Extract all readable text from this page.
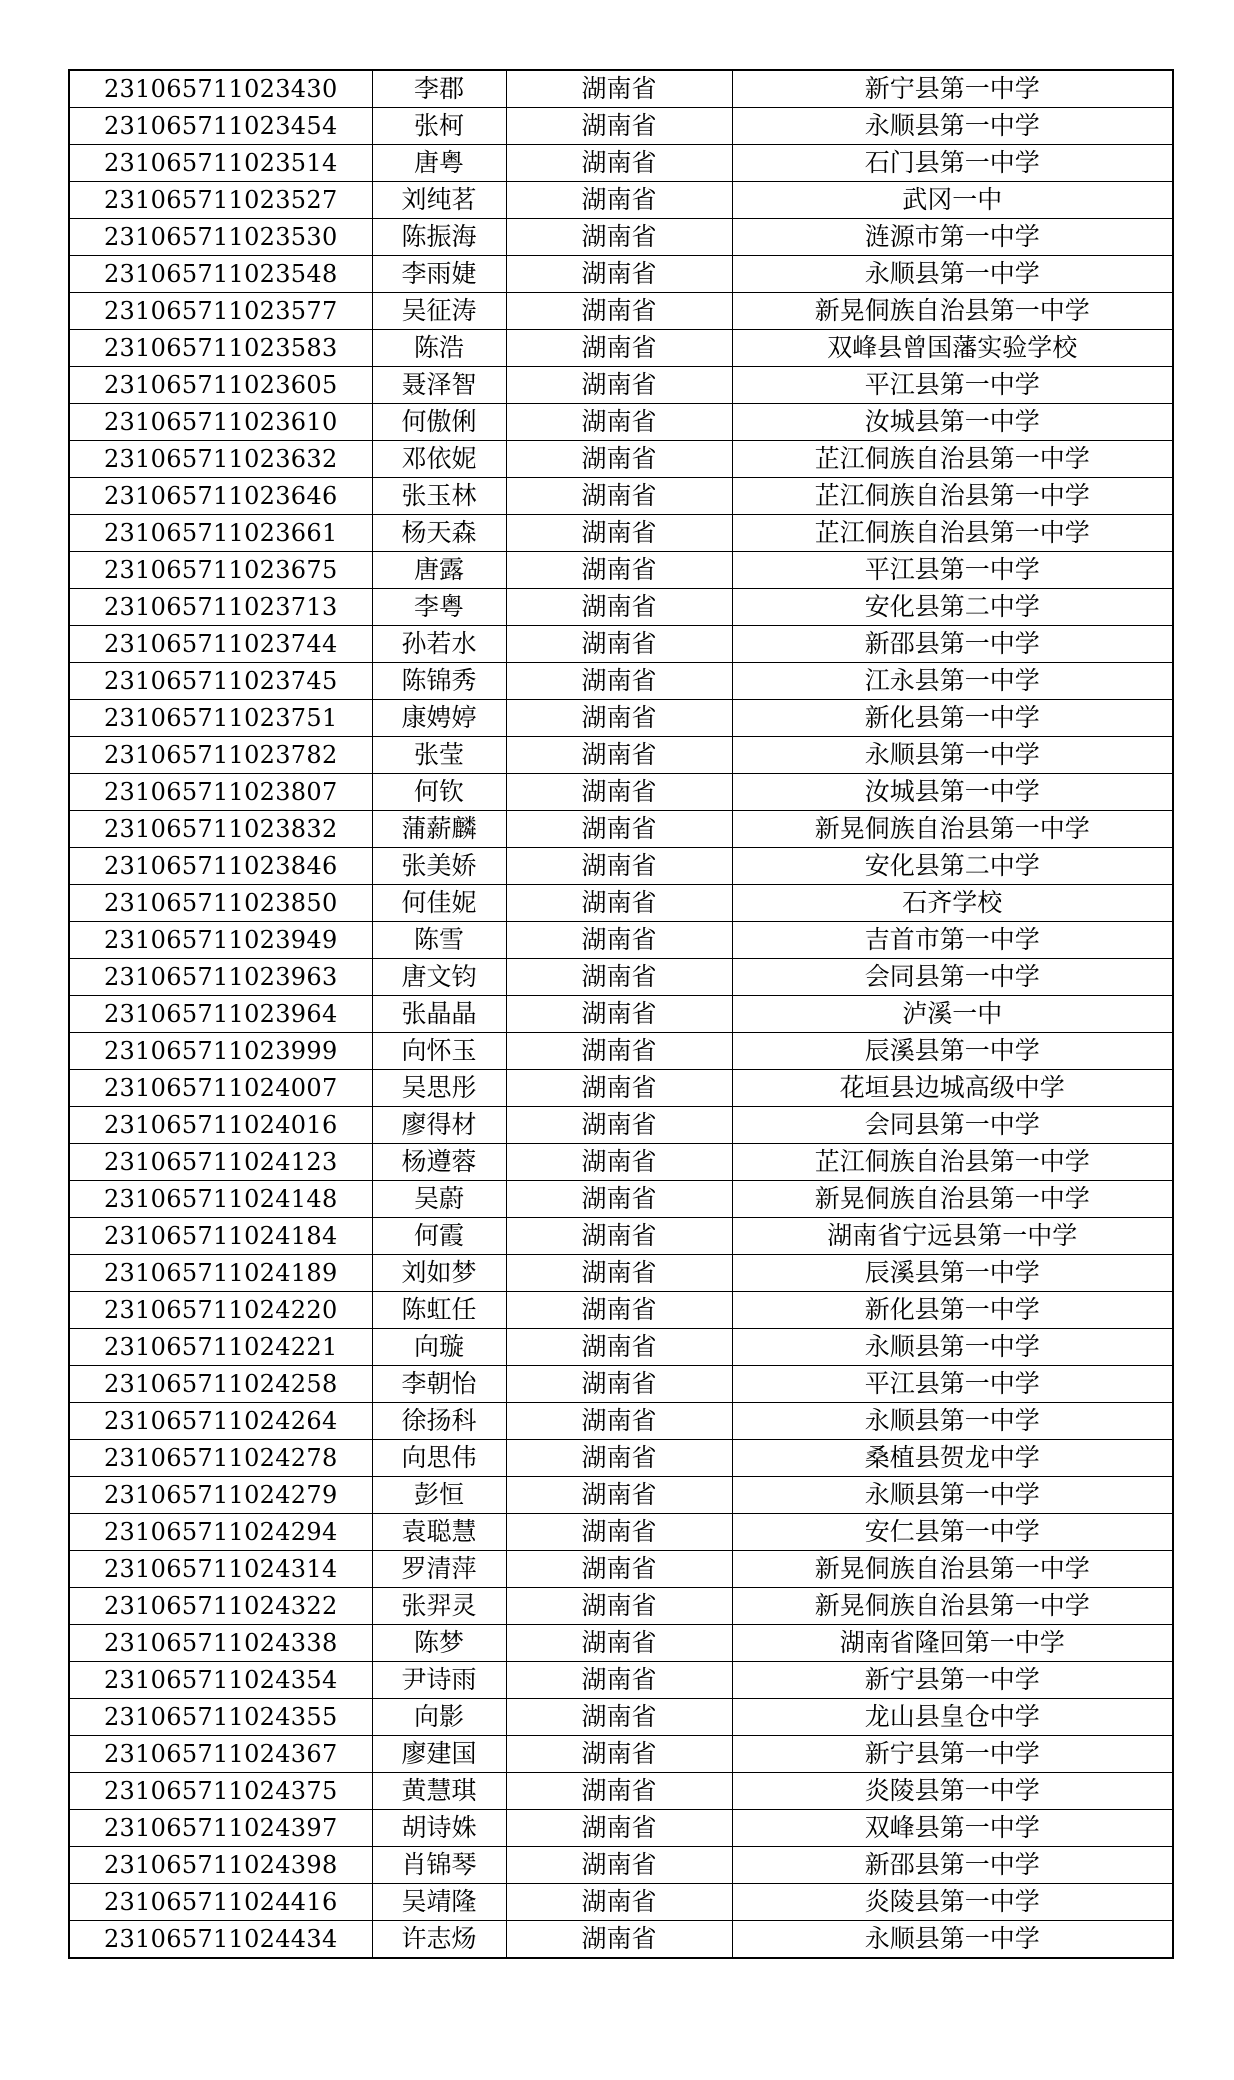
231065711023430	李郡	湖南省	新宁县第一中学
231065711023454	张柯	湖南省	永顺县第一中学
231065711023514	唐粤	湖南省	石门县第一中学
231065711023527	刘纯茗	湖南省	武冈一中
231065711023530	陈振海	湖南省	涟源市第一中学
231065711023548	李雨婕	湖南省	永顺县第一中学
231065711023577	吴征涛	湖南省	新晃侗族自治县第一中学
231065711023583	陈浩	湖南省	双峰县曾国藩实验学校
231065711023605	聂泽智	湖南省	平江县第一中学
231065711023610	何傲俐	湖南省	汝城县第一中学
231065711023632	邓依妮	湖南省	芷江侗族自治县第一中学
231065711023646	张玉林	湖南省	芷江侗族自治县第一中学
231065711023661	杨天森	湖南省	芷江侗族自治县第一中学
231065711023675	唐露	湖南省	平江县第一中学
231065711023713	李粤	湖南省	安化县第二中学
231065711023744	孙若水	湖南省	新邵县第一中学
231065711023745	陈锦秀	湖南省	江永县第一中学
231065711023751	康娉婷	湖南省	新化县第一中学
231065711023782	张莹	湖南省	永顺县第一中学
231065711023807	何钦	湖南省	汝城县第一中学
231065711023832	蒲薪麟	湖南省	新晃侗族自治县第一中学
231065711023846	张美娇	湖南省	安化县第二中学
231065711023850	何佳妮	湖南省	石齐学校
231065711023949	陈雪	湖南省	吉首市第一中学
231065711023963	唐文钧	湖南省	会同县第一中学
231065711023964	张晶晶	湖南省	泸溪一中
231065711023999	向怀玉	湖南省	辰溪县第一中学
231065711024007	吴思彤	湖南省	花垣县边城高级中学
231065711024016	廖得材	湖南省	会同县第一中学
231065711024123	杨遵蓉	湖南省	芷江侗族自治县第一中学
231065711024148	吴蔚	湖南省	新晃侗族自治县第一中学
231065711024184	何霞	湖南省	湖南省宁远县第一中学
231065711024189	刘如梦	湖南省	辰溪县第一中学
231065711024220	陈虹任	湖南省	新化县第一中学
231065711024221	向璇	湖南省	永顺县第一中学
231065711024258	李朝怡	湖南省	平江县第一中学
231065711024264	徐扬科	湖南省	永顺县第一中学
231065711024278	向思伟	湖南省	桑植县贺龙中学
231065711024279	彭恒	湖南省	永顺县第一中学
231065711024294	袁聪慧	湖南省	安仁县第一中学
231065711024314	罗清萍	湖南省	新晃侗族自治县第一中学
231065711024322	张羿灵	湖南省	新晃侗族自治县第一中学
231065711024338	陈梦	湖南省	湖南省隆回第一中学
231065711024354	尹诗雨	湖南省	新宁县第一中学
231065711024355	向影	湖南省	龙山县皇仓中学
231065711024367	廖建国	湖南省	新宁县第一中学
231065711024375	黄慧琪	湖南省	炎陵县第一中学
231065711024397	胡诗姝	湖南省	双峰县第一中学
231065711024398	肖锦琴	湖南省	新邵县第一中学
231065711024416	吴靖隆	湖南省	炎陵县第一中学
231065711024434	许志炀	湖南省	永顺县第一中学
